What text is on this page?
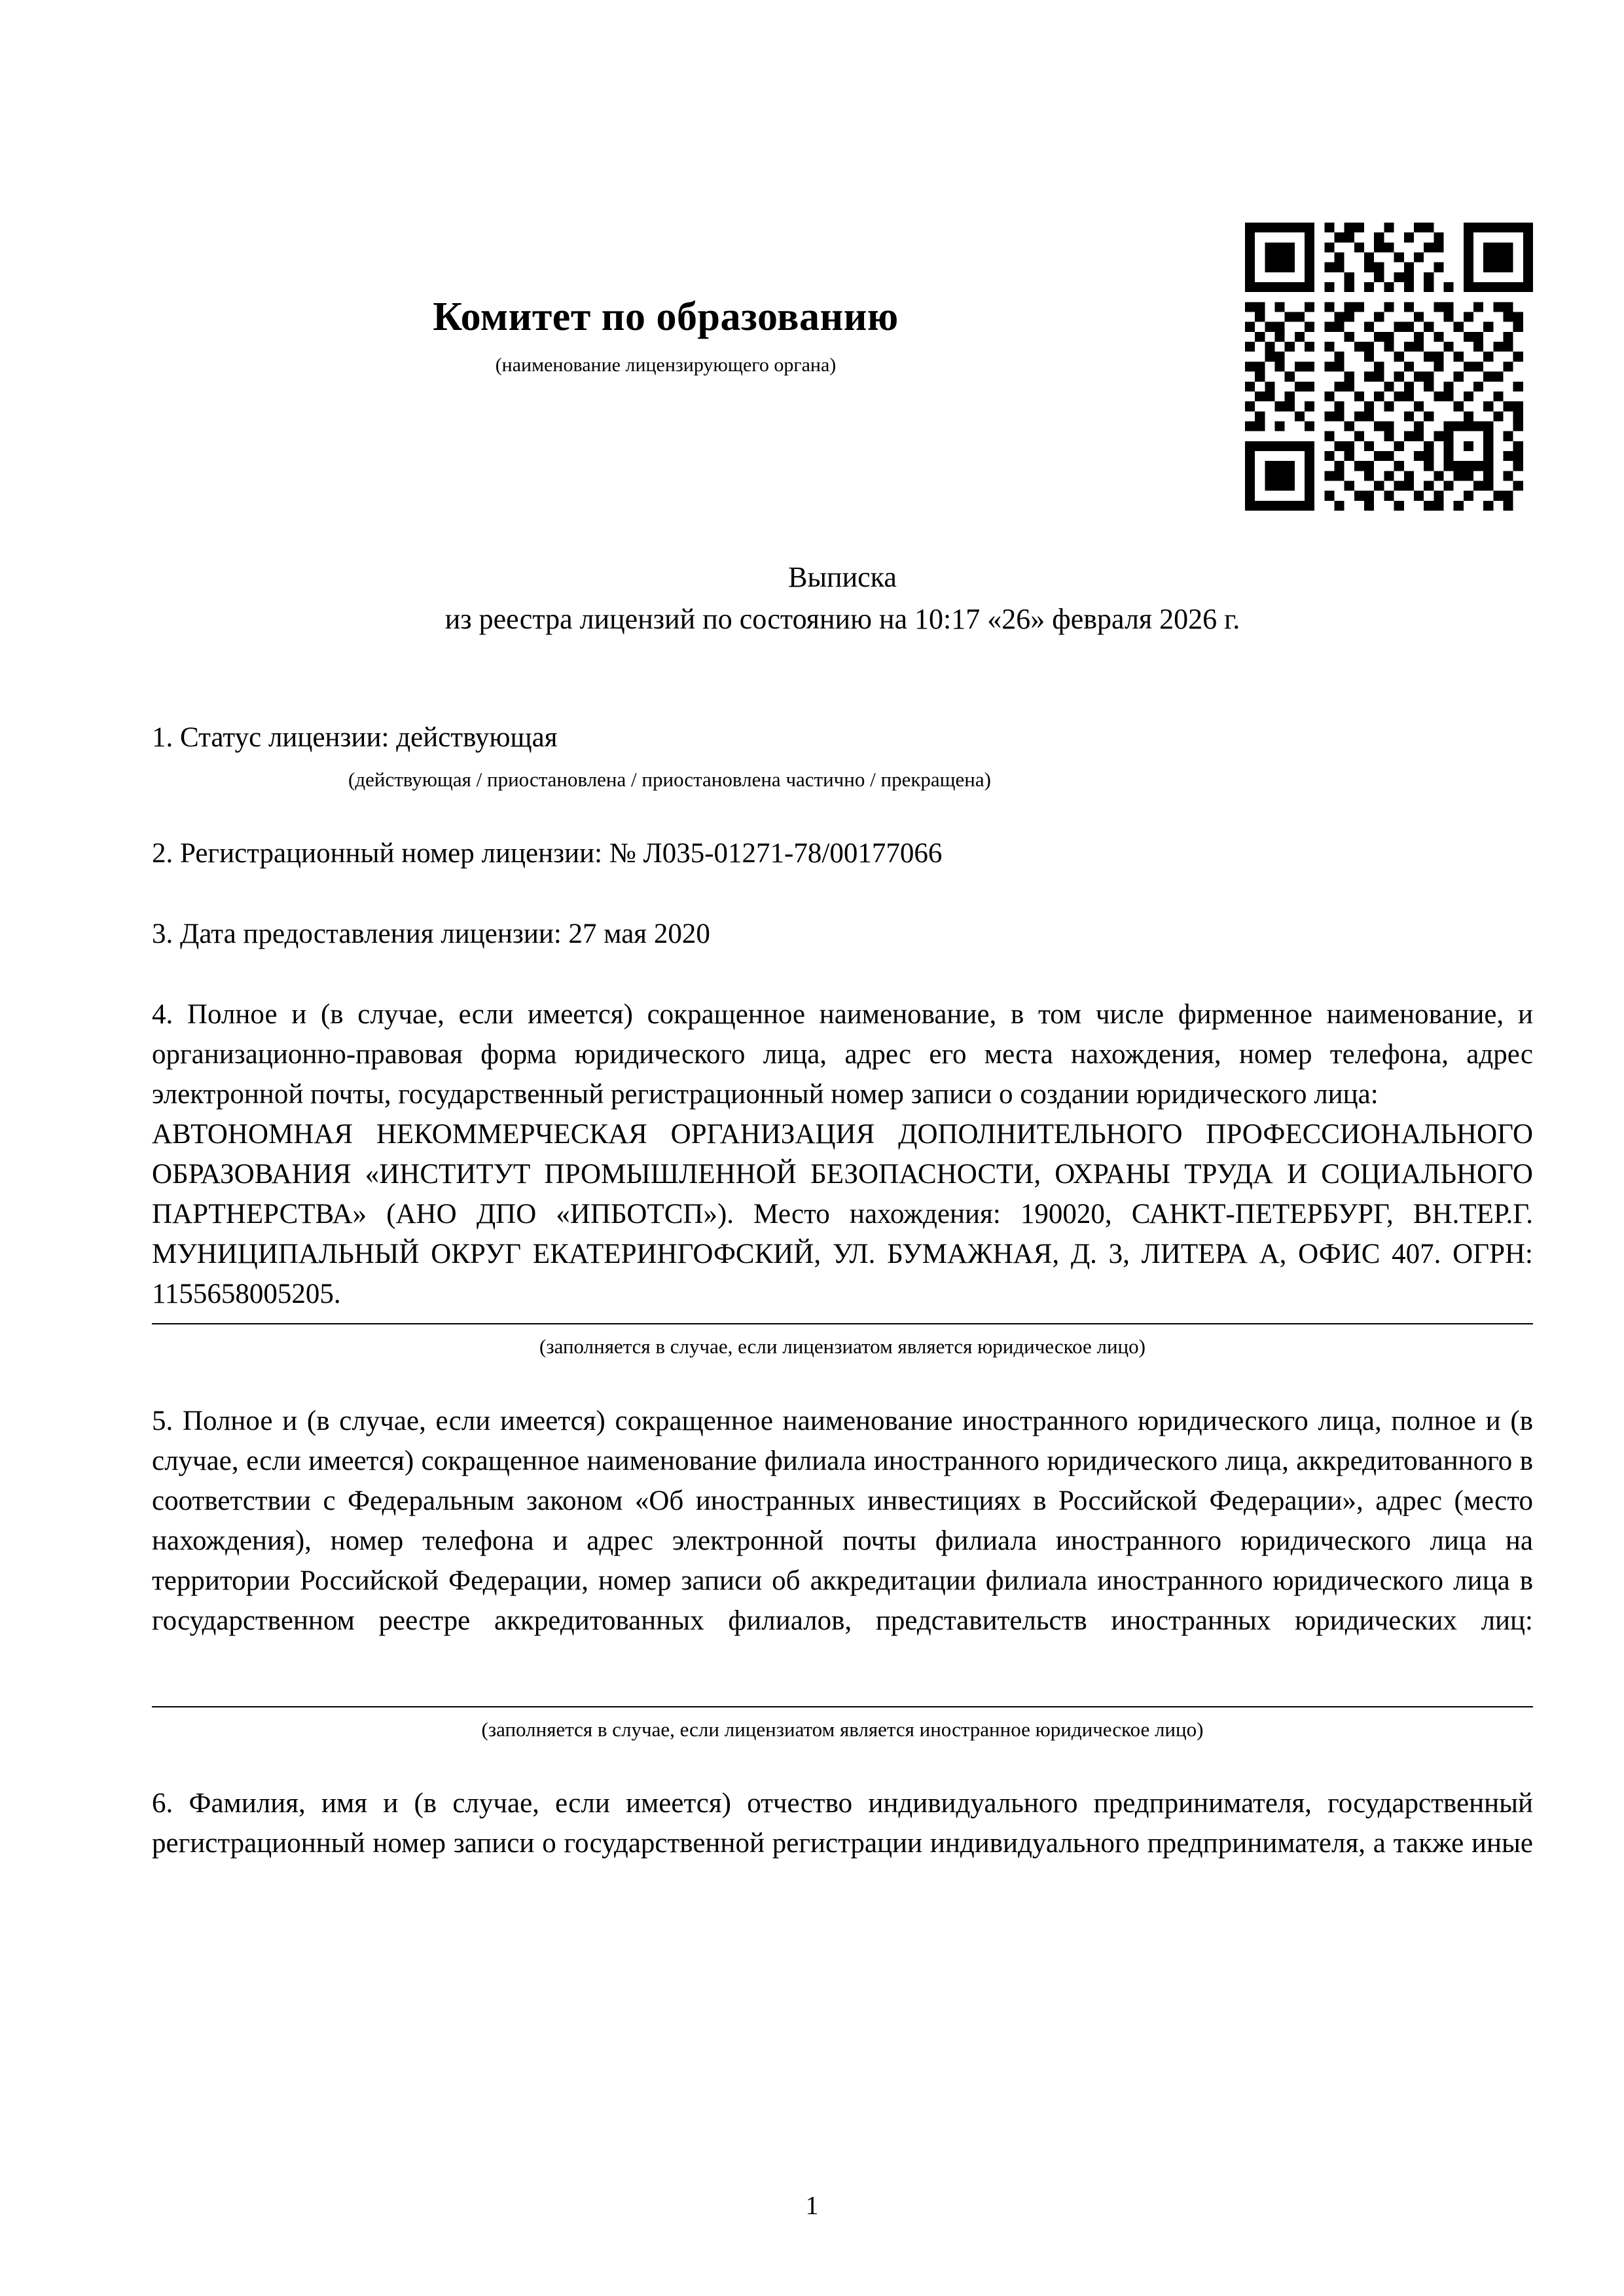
Комитет по образованию
(наименование лицензирующего органа)
Выписка
из реестра лицензий по состоянию на 10:17 «26» февраля 2026 г.
1. Статус лицензии: действующая
(действующая / приостановлена / приостановлена частично / прекращена)
2. Регистрационный номер лицензии: № Л035-01271-78/00177066
3. Дата предоставления лицензии: 27 мая 2020
4. Полное и (в случае, если имеется) сокращенное наименование, в том числе фирменное наименование, и организационно-правовая форма юридического лица, адрес его места нахождения, номер телефона, адрес электронной почты, государственный регистрационный номер записи о создании юридического лица:
АВТОНОМНАЯ НЕКОММЕРЧЕСКАЯ ОРГАНИЗАЦИЯ ДОПОЛНИТЕЛЬНОГО ПРОФЕССИОНАЛЬНОГО ОБРАЗОВАНИЯ «ИНСТИТУТ ПРОМЫШЛЕННОЙ БЕЗОПАСНОСТИ, ОХРАНЫ ТРУДА И СОЦИАЛЬНОГО ПАРТНЕРСТВА» (АНО ДПО «ИПБОТСП»). Место нахождения: 190020, САНКТ-ПЕТЕРБУРГ, ВН.ТЕР.Г. МУНИЦИПАЛЬНЫЙ ОКРУГ ЕКАТЕРИНГОФСКИЙ, УЛ. БУМАЖНАЯ, Д. 3, ЛИТЕРА А, ОФИС 407. ОГРН: 1155658005205.
(заполняется в случае, если лицензиатом является юридическое лицо)
5. Полное и (в случае, если имеется) сокращенное наименование иностранного юридического лица, полное и (в случае, если имеется) сокращенное наименование филиала иностранного юридического лица, аккредитованного в соответствии с Федеральным законом «Об иностранных инвестициях в Российской Федерации», адрес (место нахождения), номер телефона и адрес электронной почты филиала иностранного юридического лица на территории Российской Федерации, номер записи об аккредитации филиала иностранного юридического лица в государственном реестре аккредитованных филиалов, представительств иностранных юридических лиц:
(заполняется в случае, если лицензиатом является иностранное юридическое лицо)
6. Фамилия, имя и (в случае, если имеется) отчество индивидуального предпринимателя, государственный регистрационный номер записи о государственной регистрации индивидуального предпринимателя, а также иные
1
